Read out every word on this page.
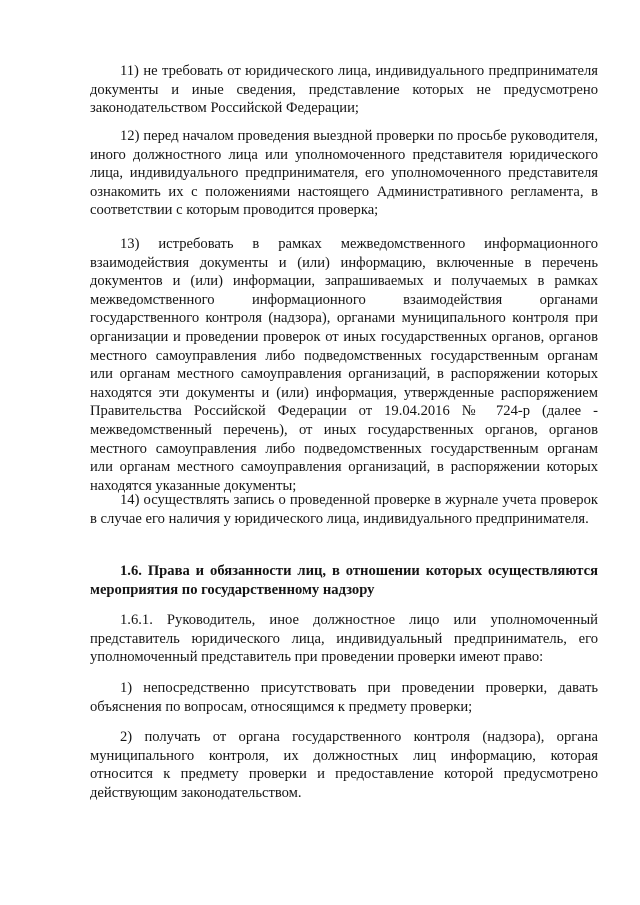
11) не требовать от юридического лица, индивидуального предпринимателя документы и иные сведения, представление которых не предусмотрено законодательством Российской Федерации;

12) перед началом проведения выездной проверки по просьбе руководителя, иного должностного лица или уполномоченного представителя юридического лица, индивидуального предпринимателя, его уполномоченного представителя ознакомить их с положениями настоящего Административного регламента, в соответствии с которым проводится проверка;

13) истребовать в рамках межведомственного информационного взаимодействия документы и (или) информацию, включенные в перечень документов и (или) информации, запрашиваемых и получаемых в рамках межведомственного информационного взаимодействия органами государственного контроля (надзора), органами муниципального контроля при организации и проведении проверок от иных государственных органов, органов местного самоуправления либо подведомственных государственным органам или органам местного самоуправления организаций, в распоряжении которых находятся эти документы и (или) информация, утвержденные распоряжением Правительства Российской Федерации от 19.04.2016 № 724-р (далее - межведомственный перечень), от иных государственных органов, органов местного самоуправления либо подведомственных государственным органам или органам местного самоуправления организаций, в распоряжении которых находятся указанные документы;

14) осуществлять запись о проведенной проверке в журнале учета проверок в случае его наличия у юридического лица, индивидуального предпринимателя.

1.6. Права и обязанности лиц, в отношении которых осуществляются мероприятия по государственному надзору

1.6.1. Руководитель, иное должностное лицо или уполномоченный представитель юридического лица, индивидуальный предприниматель, его уполномоченный представитель при проведении проверки имеют право:

1) непосредственно присутствовать при проведении проверки, давать объяснения по вопросам, относящимся к предмету проверки;

2) получать от органа государственного контроля (надзора), органа муниципального контроля, их должностных лиц информацию, которая относится к предмету проверки и предоставление которой предусмотрено действующим законодательством.
